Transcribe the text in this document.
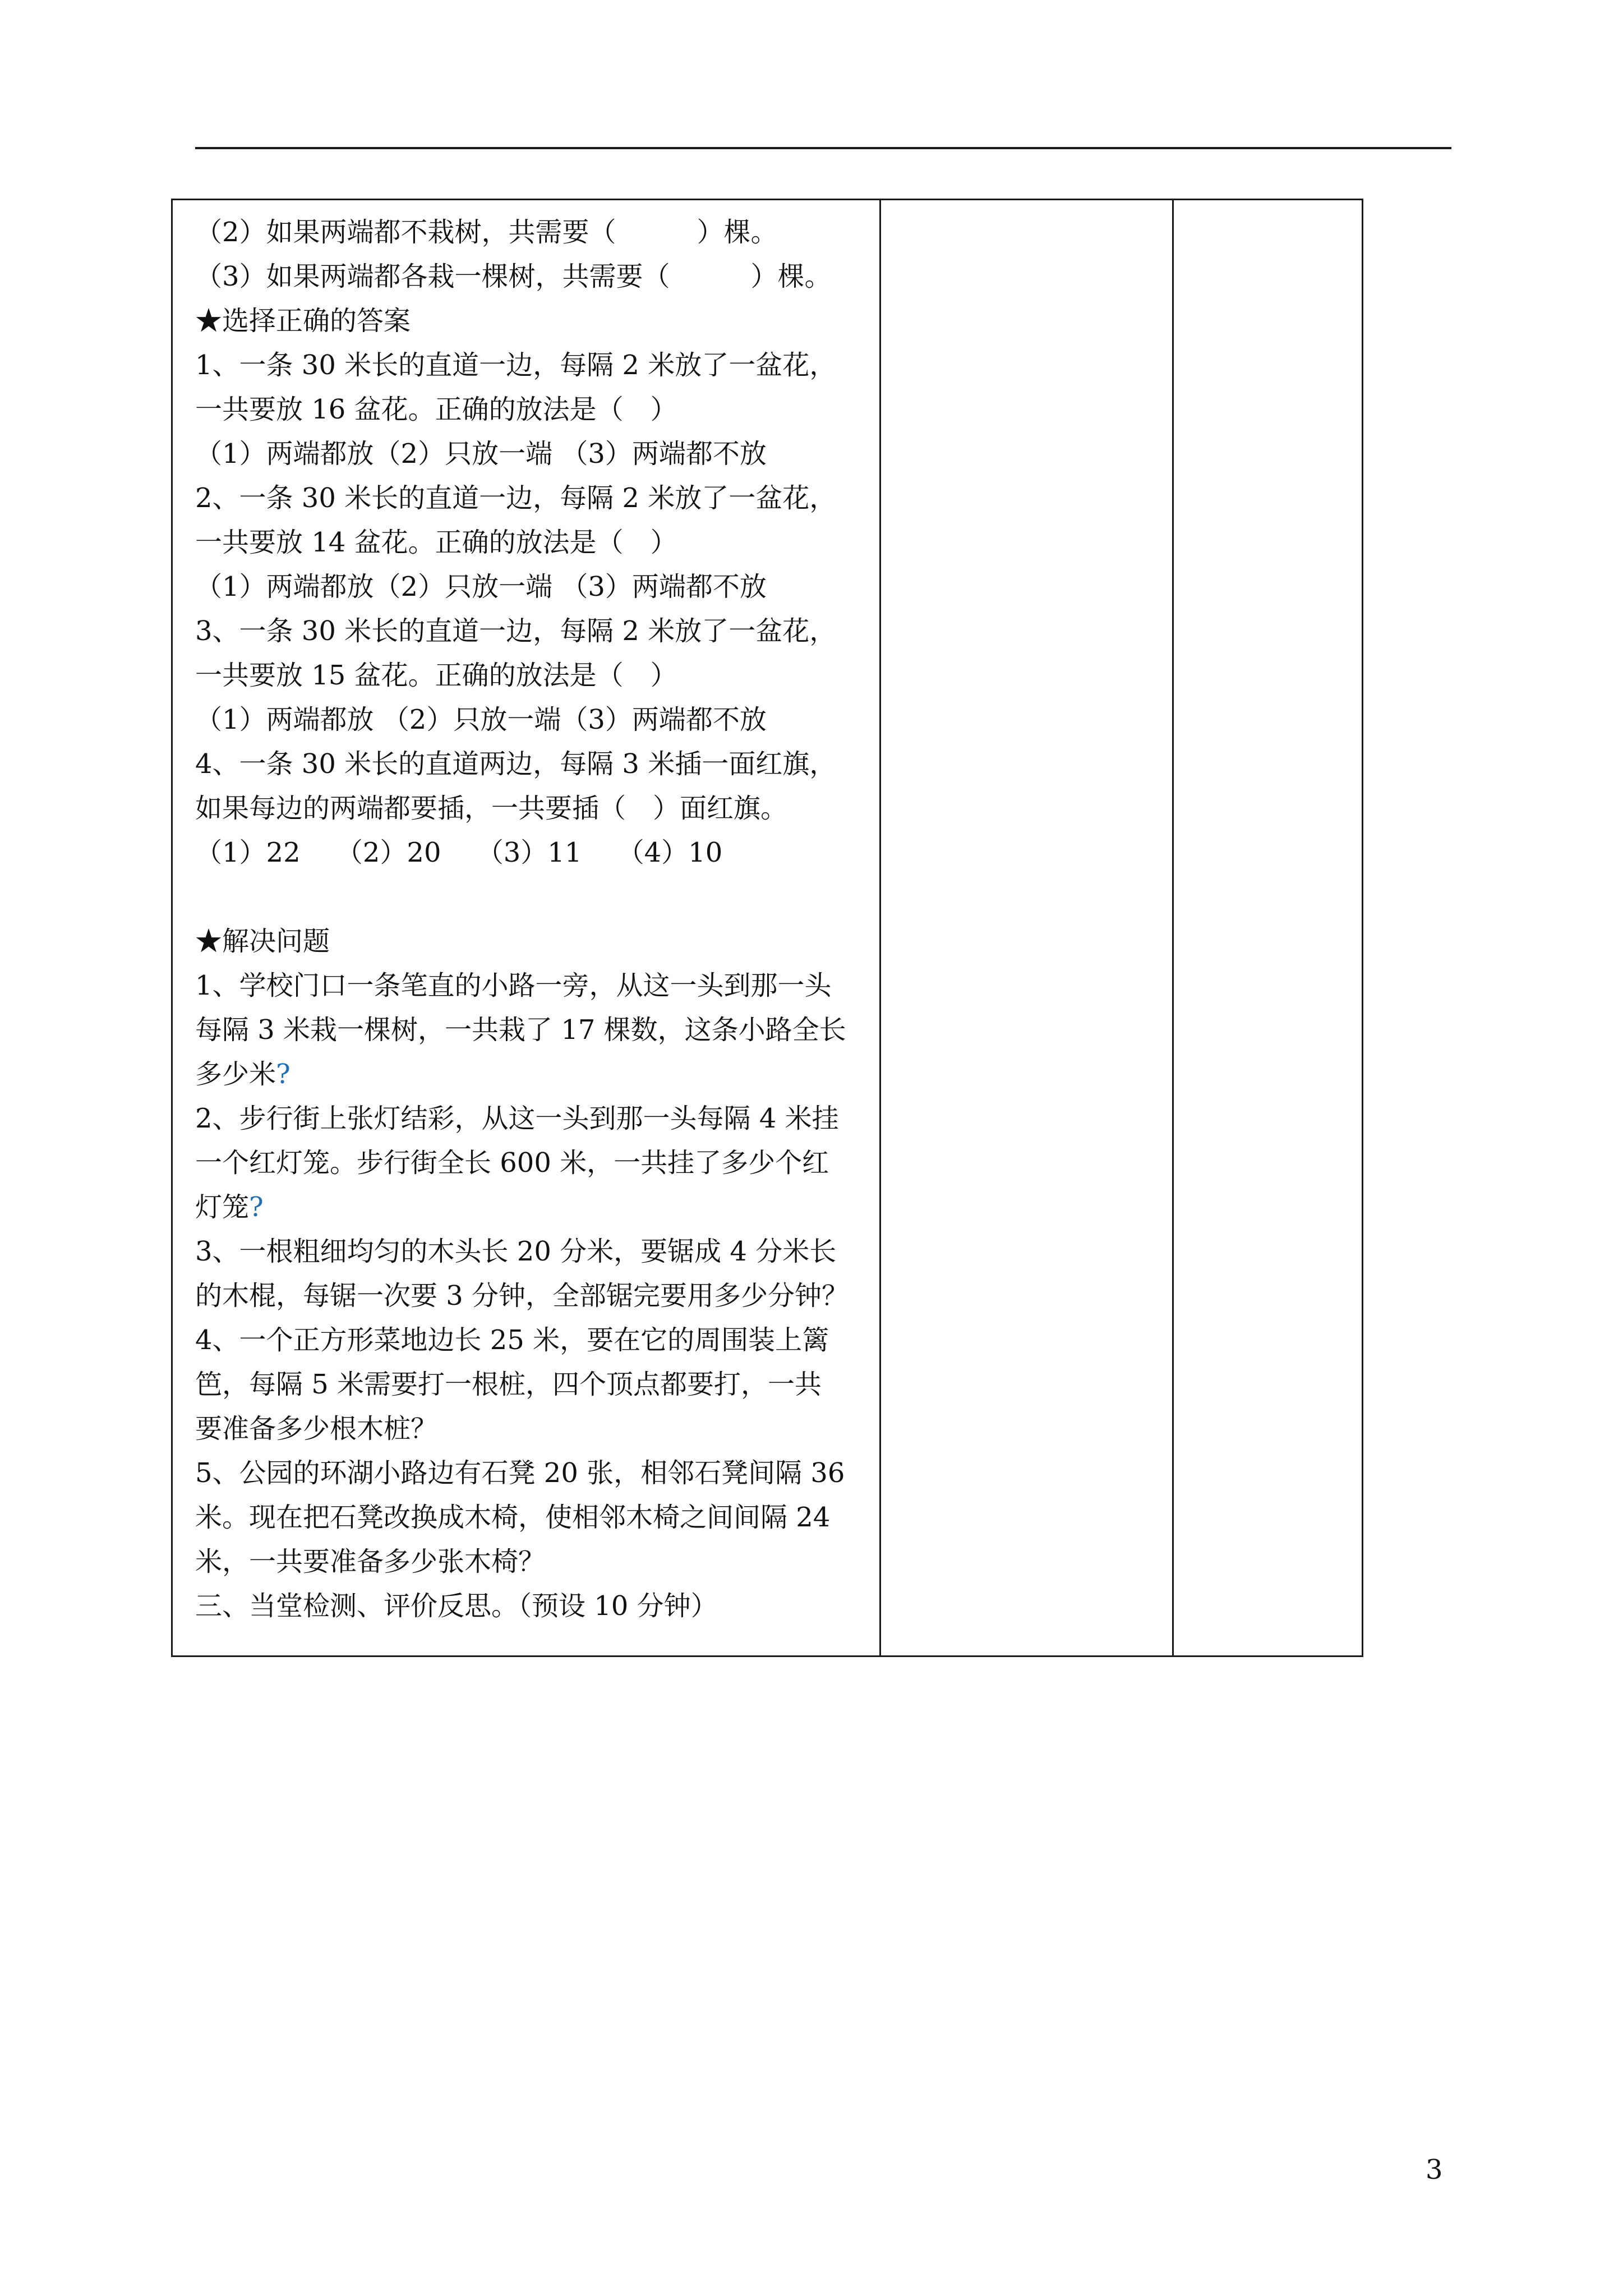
（2）如果两端都不栽树，共需要（　　　）棵。
（3）如果两端都各栽一棵树，共需要（　　　）棵。
★选择正确的答案
1、一条 30 米长的直道一边，每隔 2 米放了一盆花，
一共要放 16 盆花。正确的放法是（　）
（1）两端都放（2）只放一端 （3）两端都不放
2、一条 30 米长的直道一边，每隔 2 米放了一盆花，
一共要放 14 盆花。正确的放法是（　）
（1）两端都放（2）只放一端 （3）两端都不放
3、一条 30 米长的直道一边，每隔 2 米放了一盆花，
一共要放 15 盆花。正确的放法是（　）
（1）两端都放 （2）只放一端（3）两端都不放
4、一条 30 米长的直道两边，每隔 3 米插一面红旗，
如果每边的两端都要插，一共要插（　）面红旗。
（1）22　 （2）20　 （3）11　 （4）10
★解决问题
1、学校门口一条笔直的小路一旁，从这一头到那一头
每隔 3 米栽一棵树，一共栽了 17 棵数，这条小路全长
多少米?
2、步行街上张灯结彩，从这一头到那一头每隔 4 米挂
一个红灯笼。步行街全长 600 米，一共挂了多少个红
灯笼?
3、一根粗细均匀的木头长 20 分米，要锯成 4 分米长
的木棍，每锯一次要 3 分钟，全部锯完要用多少分钟？
4、一个正方形菜地边长 25 米，要在它的周围装上篱
笆，每隔 5 米需要打一根桩，四个顶点都要打，一共
要准备多少根木桩？
5、公园的环湖小路边有石凳 20 张，相邻石凳间隔 36
米。现在把石凳改换成木椅，使相邻木椅之间间隔 24
米，一共要准备多少张木椅？
三、当堂检测、评价反思。（预设 10 分钟）
3
